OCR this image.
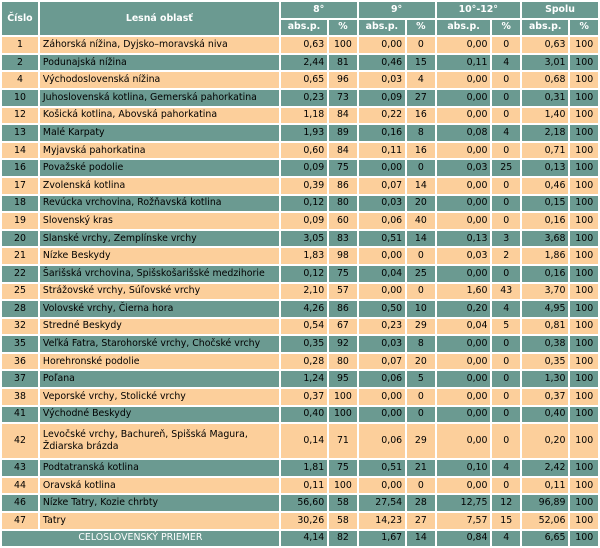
Číslo	Lesná oblasť	8°		9°		10°-12°		Spolu	
		abs.p.	%	abs.p.	%	abs.p.	%	abs.p.	%
1	Záhorská nížina, Dyjsko–moravská niva	0,63	100	0,00	0	0,00	0	0,63	100
2	Podunajská nížina	2,44	81	0,46	15	0,11	4	3,01	100
4	Východoslovenská nížina	0,65	96	0,03	4	0,00	0	0,68	100
10	Juhoslovenská kotlina, Gemerská pahorkatina	0,23	73	0,09	27	0,00	0	0,31	100
12	Košická kotlina, Abovská pahorkatina	1,18	84	0,22	16	0,00	0	1,40	100
13	Malé Karpaty	1,93	89	0,16	8	0,08	4	2,18	100
14	Myjavská pahorkatina	0,60	84	0,11	16	0,00	0	0,71	100
16	Považské podolie	0,09	75	0,00	0	0,03	25	0,13	100
17	Zvolenská kotlina	0,39	86	0,07	14	0,00	0	0,46	100
18	Revúcka vrchovina, Rožňavská kotlina	0,12	80	0,03	20	0,00	0	0,15	100
19	Slovenský kras	0,09	60	0,06	40	0,00	0	0,16	100
20	Slanské vrchy, Zemplínske vrchy	3,05	83	0,51	14	0,13	3	3,68	100
21	Nízke Beskydy	1,83	98	0,00	0	0,03	2	1,86	100
22	Šarišská vrchovina, Spišskošarišské medzihorie	0,12	75	0,04	25	0,00	0	0,16	100
25	Strážovské vrchy, Súľovské vrchy	2,10	57	0,00	0	1,60	43	3,70	100
28	Volovské vrchy, Čierna hora	4,26	86	0,50	10	0,20	4	4,95	100
32	Stredné Beskydy	0,54	67	0,23	29	0,04	5	0,81	100
35	Veľká Fatra, Starohorské vrchy, Chočské vrchy	0,35	92	0,03	8	0,00	0	0,38	100
36	Horehronské podolie	0,28	80	0,07	20	0,00	0	0,35	100
37	Poľana	1,24	95	0,06	5	0,00	0	1,30	100
38	Veporské vrchy, Stolické vrchy	0,37	100	0,00	0	0,00	0	0,37	100
41	Východné Beskydy	0,40	100	0,00	0	0,00	0	0,40	100
42	Levočské vrchy, Bachureň, Spišská Magura, Ždiarska brázda	0,14	71	0,06	29	0,00	0	0,20	100
43	Podtatranská kotlina	1,81	75	0,51	21	0,10	4	2,42	100
44	Oravská kotlina	0,11	100	0,00	0	0,00	0	0,11	100
46	Nízke Tatry, Kozie chrbty	56,60	58	27,54	28	12,75	12	96,89	100
47	Tatry	30,26	58	14,23	27	7,57	15	52,06	100
CELOSLOVENSKÝ PRIEMER		4,14	82	1,67	14	0,84	4	6,65	100
